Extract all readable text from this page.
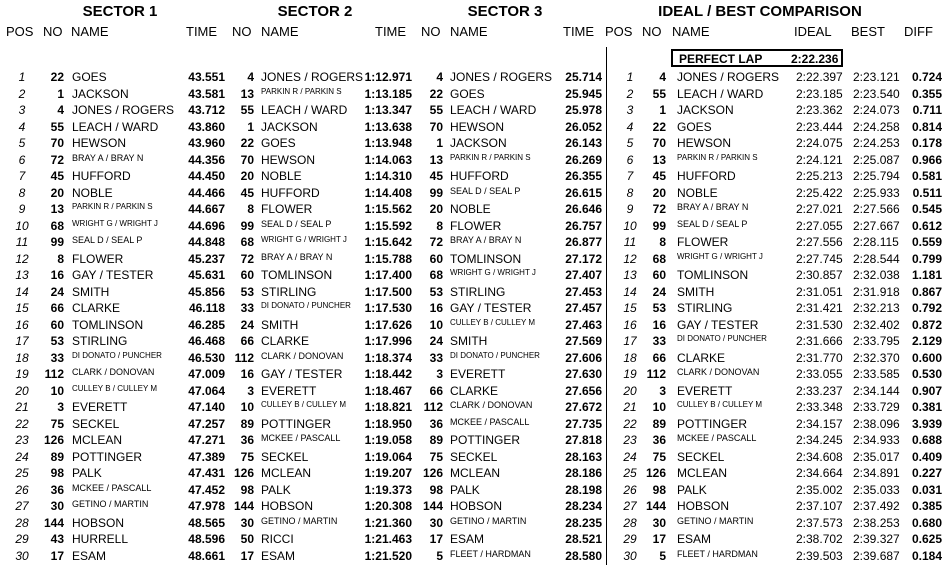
SECTOR 1	SECTOR 2	SECTOR 3	IDEAL / BEST COMPARISON
POS NO NAME	TIME NO NAME	TIME NO NAME	TIME POS NO NAME	IDEAL BEST DIFF
PERFECT LAP 2:22.236
1	22 GOES	43.551	4 JONES / ROGERS 1:12.971	4 JONES / ROGERS	25.714	1	4 JONES / ROGERS 2:22.397 2:23.121	0.724
2	1 JACKSON	43.581	13 PARKIN R / PARKIN S	1:13.185	22 GOES	25.945	2	55 LEACH / WARD	2:23.185 2:23.540	0.355
3	4 JONES / ROGERS	43.712	55 LEACH / WARD	1:13.347	55 LEACH / WARD	25.978	3	1 JACKSON	2:23.362 2:24.073	0.711
4	55 LEACH / WARD	43.860	1 JACKSON	1:13.638	70 HEWSON	26.052	4	22 GOES	2:23.444 2:24.258	0.814
5	70 HEWSON	43.960	22 GOES	1:13.948	1 JACKSON	26.143	5	70 HEWSON	2:24.075 2:24.253	0.178
6	72 BRAY A / BRAY N	44.356	70 HEWSON	1:14.063	13 PARKIN R / PARKIN S	26.269	6	13 PARKIN R / PARKIN S	2:24.121 2:25.087	0.966
7	45 HUFFORD	44.450	20 NOBLE	1:14.310	45 HUFFORD	26.355	7	45 HUFFORD	2:25.213 2:25.794	0.581
8	20 NOBLE	44.466	45 HUFFORD	1:14.408	99 SEAL D / SEAL P	26.615	8	20 NOBLE	2:25.422 2:25.933	0.511
9	13 PARKIN R / PARKIN S	44.667	8 FLOWER	1:15.562	20 NOBLE	26.646	9	72 BRAY A / BRAY N	2:27.021 2:27.566	0.545
10	68 WRIGHT G / WRIGHT J	44.696	99 SEAL D / SEAL P	1:15.592	8 FLOWER	26.757 10	99 SEAL D / SEAL P	2:27.055 2:27.667	0.612
11	99 SEAL D / SEAL P	44.848	68 WRIGHT G / WRIGHT J	1:15.642	72 BRAY A / BRAY N	26.877	11	8 FLOWER	2:27.556 2:28.115	0.559
12	8 FLOWER	45.237	72 BRAY A / BRAY N	1:15.788	60 TOMLINSON	27.172 12	68 WRIGHT G / WRIGHT J	2:27.745 2:28.544	0.799
13	16 GAY / TESTER	45.631	60 TOMLINSON	1:17.400	68 WRIGHT G / WRIGHT J	27.407 13	60 TOMLINSON	2:30.857 2:32.038	1.181
14	24 SMITH	45.856	53 STIRLING	1:17.500	53 STIRLING	27.453 14	24 SMITH	2:31.051 2:31.918	0.867
15	66 CLARKE	46.118	33 DI DONATO / PUNCHER	1:17.530	16 GAY / TESTER	27.457 15	53 STIRLING	2:31.421 2:32.213	0.792
16	60 TOMLINSON	46.285	24 SMITH	1:17.626	10 CULLEY B / CULLEY M	27.463 16	16 GAY / TESTER	2:31.530 2:32.402	0.872
17	53 STIRLING	46.468	66 CLARKE	1:17.996	24 SMITH	27.569 17	33 DI DONATO / PUNCHER 2:31.666 2:33.795	2.129
18	33 DI DONATO / PUNCHER	46.530 112 CLARK / DONOVAN	1:18.374	33 DI DONATO / PUNCHER	27.606 18	66 CLARKE	2:31.770 2:32.370	0.600
19	112 CLARK / DONOVAN	47.009	16 GAY / TESTER	1:18.442	3 EVERETT	27.630 19 112 CLARK / DONOVAN	2:33.055 2:33.585	0.530
20	10 CULLEY B / CULLEY M	47.064	3 EVERETT	1:18.467	66 CLARKE	27.656 20	3 EVERETT	2:33.237 2:34.144	0.907
21	3 EVERETT	47.140	10 CULLEY B / CULLEY M	1:18.821 112 CLARK / DONOVAN	27.672 21	10 CULLEY B / CULLEY M	2:33.348 2:33.729	0.381
22	75 SECKEL	47.257	89 POTTINGER	1:18.950	36 MCKEE / PASCALL	27.735 22	89 POTTINGER	2:34.157 2:38.096	3.939
23	126 MCLEAN	47.271	36 MCKEE / PASCALL	1:19.058	89 POTTINGER	27.818 23	36 MCKEE / PASCALL	2:34.245 2:34.933	0.688
24	89 POTTINGER	47.389	75 SECKEL	1:19.064	75 SECKEL	28.163 24	75 SECKEL	2:34.608 2:35.017	0.409
25	98 PALK	47.431 126 MCLEAN	1:19.207 126 MCLEAN	28.186 25 126 MCLEAN	2:34.664 2:34.891	0.227
26	36 MCKEE / PASCALL	47.452	98 PALK	1:19.373	98 PALK	28.198 26	98 PALK	2:35.002 2:35.033	0.031
27	30 GETINO / MARTIN	47.978 144 HOBSON	1:20.308 144 HOBSON	28.234 27 144 HOBSON	2:37.107 2:37.492	0.385
28	144 HOBSON	48.565	30 GETINO / MARTIN	1:21.360	30 GETINO / MARTIN	28.235 28	30 GETINO / MARTIN	2:37.573 2:38.253	0.680
29	43 HURRELL	48.596	50 RICCI	1:21.463	17 ESAM	28.521 29	17 ESAM	2:38.702 2:39.327	0.625
30	17 ESAM	48.661	17 ESAM	1:21.520	5 FLEET / HARDMAN	28.580 30	5 FLEET / HARDMAN	2:39.503 2:39.687	0.184
